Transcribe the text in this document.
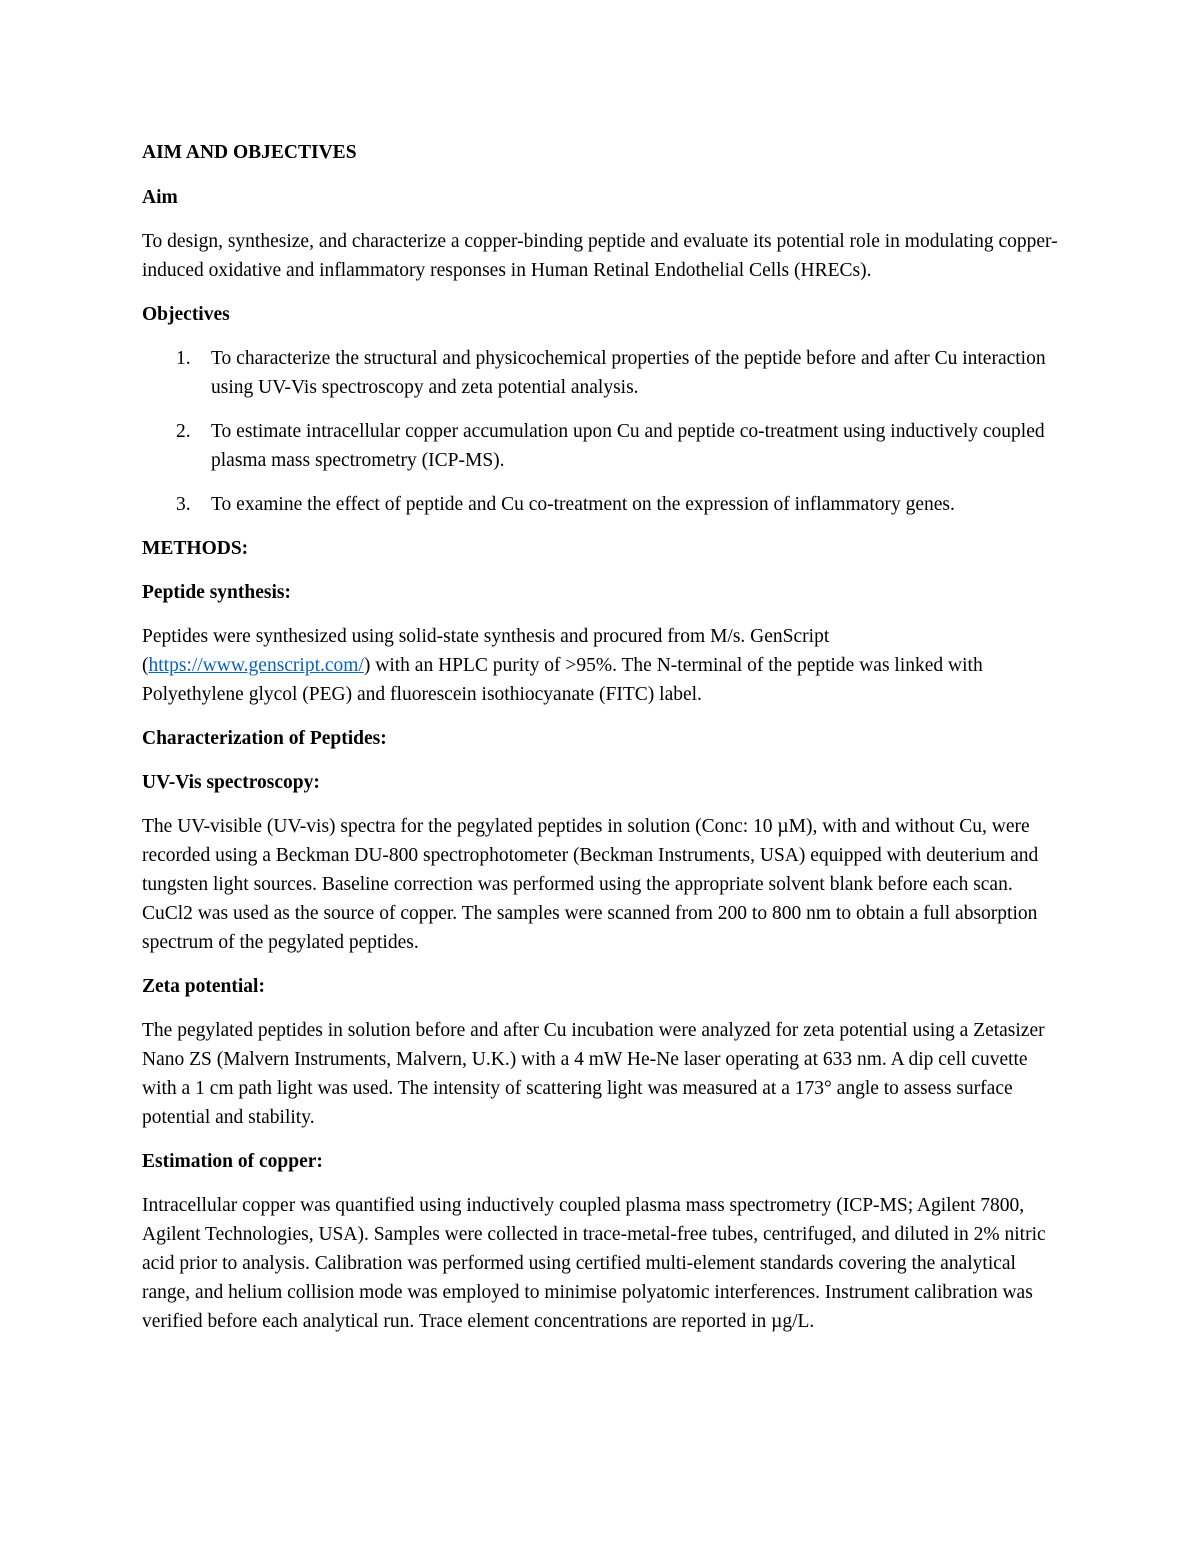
AIM AND OBJECTIVES

Aim

To design, synthesize, and characterize a copper-binding peptide and evaluate its potential role in modulating copper-induced oxidative and inflammatory responses in Human Retinal Endothelial Cells (HRECs).

Objectives

1. To characterize the structural and physicochemical properties of the peptide before and after Cu interaction using UV-Vis spectroscopy and zeta potential analysis.
2. To estimate intracellular copper accumulation upon Cu and peptide co-treatment using inductively coupled plasma mass spectrometry (ICP-MS).
3. To examine the effect of peptide and Cu co-treatment on the expression of inflammatory genes.

METHODS:

Peptide synthesis:

Peptides were synthesized using solid-state synthesis and procured from M/s. GenScript (https://www.genscript.com/) with an HPLC purity of >95%. The N-terminal of the peptide was linked with Polyethylene glycol (PEG) and fluorescein isothiocyanate (FITC) label.

Characterization of Peptides:

UV-Vis spectroscopy:

The UV-visible (UV-vis) spectra for the pegylated peptides in solution (Conc: 10 µM), with and without Cu, were recorded using a Beckman DU-800 spectrophotometer (Beckman Instruments, USA) equipped with deuterium and tungsten light sources. Baseline correction was performed using the appropriate solvent blank before each scan. CuCl2 was used as the source of copper. The samples were scanned from 200 to 800 nm to obtain a full absorption spectrum of the pegylated peptides.

Zeta potential:

The pegylated peptides in solution before and after Cu incubation were analyzed for zeta potential using a Zetasizer Nano ZS (Malvern Instruments, Malvern, U.K.) with a 4 mW He-Ne laser operating at 633 nm. A dip cell cuvette with a 1 cm path light was used. The intensity of scattering light was measured at a 173° angle to assess surface potential and stability.

Estimation of copper:

Intracellular copper was quantified using inductively coupled plasma mass spectrometry (ICP-MS; Agilent 7800, Agilent Technologies, USA). Samples were collected in trace-metal-free tubes, centrifuged, and diluted in 2% nitric acid prior to analysis. Calibration was performed using certified multi-element standards covering the analytical range, and helium collision mode was employed to minimise polyatomic interferences. Instrument calibration was verified before each analytical run. Trace element concentrations are reported in µg/L.
